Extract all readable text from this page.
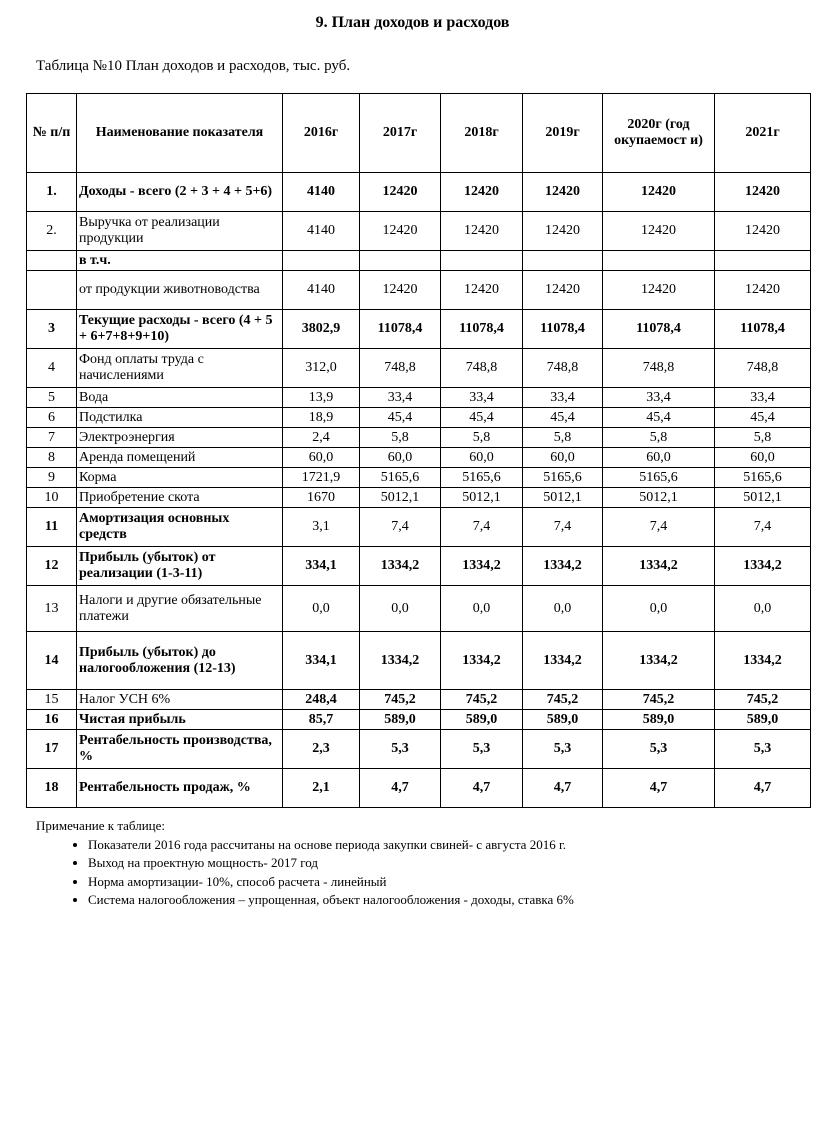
9. План доходов и расходов
Таблица №10 План доходов и расходов, тыс. руб.
№ п/п	Наименование показателя	2016г	2017г	2018г	2019г	2020г (год окупаемост и)	2021г
1.	Доходы - всего (2 + 3 + 4 + 5+6)	4140	12420	12420	12420	12420	12420
2.	Выручка от реализации продукции	4140	12420	12420	12420	12420	12420
	в т.ч.						
	от продукции животноводства	4140	12420	12420	12420	12420	12420
3	Текущие расходы - всего (4 + 5 + 6+7+8+9+10)	3802,9	11078,4	11078,4	11078,4	11078,4	11078,4
4	Фонд оплаты труда с начислениями	312,0	748,8	748,8	748,8	748,8	748,8
5	Вода	13,9	33,4	33,4	33,4	33,4	33,4
6	Подстилка	18,9	45,4	45,4	45,4	45,4	45,4
7	Электроэнергия	2,4	5,8	5,8	5,8	5,8	5,8
8	Аренда помещений	60,0	60,0	60,0	60,0	60,0	60,0
9	Корма	1721,9	5165,6	5165,6	5165,6	5165,6	5165,6
10	Приобретение скота	1670	5012,1	5012,1	5012,1	5012,1	5012,1
11	Амортизация основных средств	3,1	7,4	7,4	7,4	7,4	7,4
12	Прибыль (убыток) от реализации (1-3-11)	334,1	1334,2	1334,2	1334,2	1334,2	1334,2
13	Налоги и другие обязательные платежи	0,0	0,0	0,0	0,0	0,0	0,0
14	Прибыль (убыток) до налогообложения (12-13)	334,1	1334,2	1334,2	1334,2	1334,2	1334,2
15	Налог УСН 6%	248,4	745,2	745,2	745,2	745,2	745,2
16	Чистая прибыль	85,7	589,0	589,0	589,0	589,0	589,0
17	Рентабельность производства, %	2,3	5,3	5,3	5,3	5,3	5,3
18	Рентабельность продаж, %	2,1	4,7	4,7	4,7	4,7	4,7
Примечание к таблице:
• Показатели 2016 года рассчитаны на основе периода закупки свиней- с августа 2016 г.
• Выход на проектную мощность- 2017 год
• Норма амортизации- 10%, способ расчета - линейный
• Система налогообложения – упрощенная, объект налогообложения - доходы, ставка 6%
